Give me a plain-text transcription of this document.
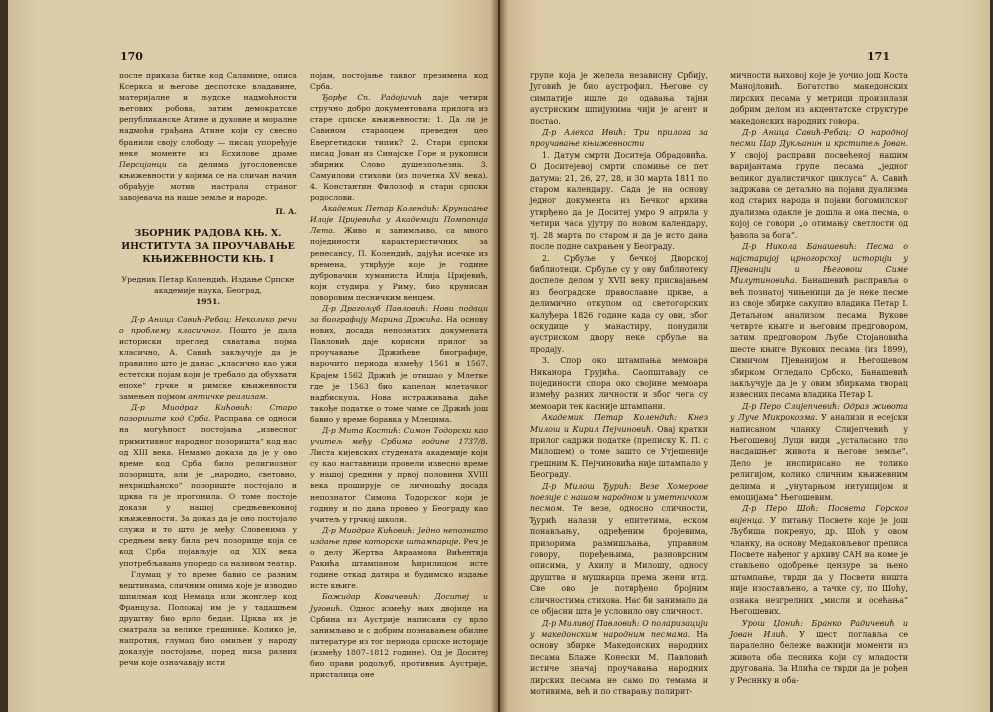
170

после приказа битке код Саламине, описа Ксеркса и његове деспотске владавине, материјалне и људске надмоћности његових робова, затим демократске републиканске Атине и духовне и моралне надмоћи грађана Атине који су свесно бранили своју слободу — писац упоређује неке моменте из Есхилове драме Персијанци са делима југословенске књижевности у којима се на сличан начин обрађује мотив настрала страног завојевача на наше земље и народе.

П. А.

ЗБОРНИК РАДОВА КЊ. X. ИНСТИТУТА ЗА ПРОУЧАВАЊЕ КЊИЖЕВНОСТИ КЊ. I

Уредник Петар Колендић. Издање Српске академије наука, Београд,
1951.

Д-р Аница Савић-Ребац: Неколико речи о проблему класичног. Пошто је дала историски преглед схватања појма класично, А. Савић закључује да је правилно што је данас „класично као ужи естетски појам који је требало да обухвати епохе“ грчке и римске књижевности замењен појмом античке реализам.

Д-р Миодраг Кићовић: Старо позориште код Срба. Расправа се односи на могућност постојања „извесног примитивног народног позоришта“ код нас од XIII века. Немамо доказа да је у ово време код Срба било религиозног позоришта, али је „народно, световно, нехришћанско“ позориште постојало и црква га је прогонила. О томе постоје докази у нашој средњевековној књижевности. За доказ да је оно постојало служи и то што је међу Словенима у средњем веку била реч позорище која се код Срба појављује од XIX века употребљавана упоредо са називом театар.

Глумац у то време бавио се разним вештинама, сличним онима које је изводио шпилман код Немаца или жонглер код Француза. Положај им је у тадашњем друштву био врло бедан. Црква их је сматрала за велике грешнике. Колико је, напротив, глумац био омиљен у народу доказује постојање, поред низа разних речи које означавају исти

појам, постојање таквог презимена код Срба.

Ђорђе Сп. Радојичић даје четири стручно добро документована прилога из старе српске књижевности: 1. Да ли је Савином стараоцем преведен цео Евергетидски типик? 2. Стари српски писац Јован из Синајске Горе и рукописи збирник Слово душезпољезна. 3. Самуилови стихови (из почетка XV века). 4. Константин Филозоф и стари српски родослови.

Академик Петар Колендић: Крунисање Илије Цријевића у Академији Помпонија Лета. Живо и занимљиво, са много појединости карактеристичних за ренесансу, П. Колендић, дајући исечке из времена, утврђује које је године дубровачки хуманиста Илија Цријевић, који студира у Риму, био крунисан ловоровим песничким венцем.

Д-р Драгољуб Павловић: Нови подаци за биографију Марина Држића. На основу нових, досада непознатих докумената Павловић даје корисни прилог за проучавање Држићеве биографије, нарочито периода између 1561 и 1567. Крајем 1562 Држић је отишао у Млетке где је 1563 био капелан млетачког надбискупа. Нова истраживања даће такође податке о томе чиме се Држић још бавио у време боравка у Млецима.

Д-р Мита Костић: Симон Тодорски као учитељ међу Србима године 1737/8. Листа кијевских студената академије који су као наставници провели извесно време у нашој средини у првој половини XVIII века проширује се личношћу досада непознатог Симона Тодорског који је годину и по дана провео у Београду као учитељ у грчкој школи.

Д-р Миодраг Кићовић: Једно непознато издање прве которске штампарије. Реч је о делу Жертва Авраамова Вићентија Ракића штампаном ћирилицом исте године откад датира и будимско издање исте књиге.

Божидар Ковачевић: Доситеј и Југовић. Однос између њих двојице на Србина из Аустрије написани су врло занимљиво и с добрим познавањем обилне литературе из тог периода српске историје (између 1807–1812 године). Од је Доситеј био прави родољуб, противник Аустрије, присталица оне

171

групе која је желела независну Србију, Југовић је био аустрофил. Његове су симпатије ишле до одавања тајни аустриским шпијунима чији је агент и постао.

Д-р Алекса Ивић: Три прилога за проучавање књижевности

1. Датум смрти Доситеја Обрадовића. О Доситејевој смрти спомиње се пет датума: 21, 26, 27, 28, и 30 марта 1811 по старом календару. Сада је на основу једног документа из Бечког архива утврђено да је Доситеј умро 9 априла у четири часа ујутру по новом календару, тј. 28 марта по старом и да је исто дана после подне сахрањен у Београду.

2. Србуље у бечкој Дворској библиотеци. Србуље су у ову библиотеку доспеле делом у XVII веку присвајањем из београдске православне цркве, а делимично откупом од светогорских калуђера 1826 године када су ови, због оскудице у манастиру, понудили аустриском двору неке србуље на продају.

3. Спор око штампања мемоара Никанора Грујића. Саопштавају се појединости спора око својине мемоара између разних личности и због чега су мемоари тек касније штампани.

Академик Петар Колендић: Кнез Милош и Кирил Пејчиновић. Овај кратки прилог садржи податке (преписку К. П. с Милошем) о томе зашто се Утјешеније грешним К. Пејчиновића није штампало у Београду.

Д-р Милош Ђурић: Везе Хомерове поезије с нашом народном и уметничком песмом. Те везе, односно сличности, Ђурић налази у епитетима, еском понављању, одређеним бројевима, призорима размишљања, управном говору, поређењима, разноврсним описима, у Ахилу и Милошу, односу друштва и мушкарца према жени итд. Све ово је потврђено бројним сличностима стихова. Нас би занимало да се објасни шта је условило ову сличност.

Д-р Миливој Павловић: О поларизацији у македонским народним песмама. На основу збирке Македонских народних песама Блаже Конески М. Павловић истиче значај проучавања народних лирских песама не само по темама и мотивима, већ и по стварању полирит-

мичности њиховој које је уочио још Коста Манојловић. Богатство македонских лирских песама у метрици произилази добрим делом из акцентатске структуре македонских народних говора.

Д-р Аница Савић-Ребац: О народној песми Цар Дукљанин и крститељ Јован. У својој расправи посвећеној нашим варијантама групе песама „једног великог дуалистичког циклуса“ А. Савић задржава се детаљно на појави дуализма код старих народа и појави богомилског дуализма одакле је дошла и она песма, о којој се говори „о отимању светлости од ђавола за бога“.

Д-р Никола Банашевић: Песма о најстаријој црногорској историји у Пјеванији и Његовош Симе Милутиновића. Банашевић расправља о већ познатој чињеници да је неке песме из своје збирке сакупио владика Петар I. Детаљном анализом песама Вукове четврте књиге и његовим предговором, затим предговором Љубе Стојановића шесте књиге Вукових песама (из 1899), Симичом Пјеванијом и Његошевом збирком Огледало Србско, Банашевић закључује да је у овим збиркама творац извесних песама владика Петар I.

Д-р Перо Слијепчевић: Одраз живота у Луче Микрокозма. У анализи и есејски написаном чланку Слијепчевић у Његошевој Луци види „усталасано тло насдашњег живота и његове земље“. Дело је инспирисано не толико религијом, колико сличним књижевним делима и „унутарњом интуицијом и емоцијама“ Његошевим.

Д-р Перо Шоћ: Посвета Горског вијенца. У питању Посвете које је још Љубиша покренуо, др. Шоћ у овом чланку, на основу Медаковљевог преписа Посвете нађеног у архиву САН на коме је стављено одобрење цензуре за њено штампање, тврди да у Посвети ништа није изостављено, а тачке су, по Шоћу, ознака незгрелних „мисли и осећања“ Његошевих.

Урош Џонић: Бранко Радичевић и Јован Илић. У шест поглавља се паралелно бележе важнији моменти из живота оба песника који су младости другована. За Илића се тврди да је рођен у Ресннку и оба-
